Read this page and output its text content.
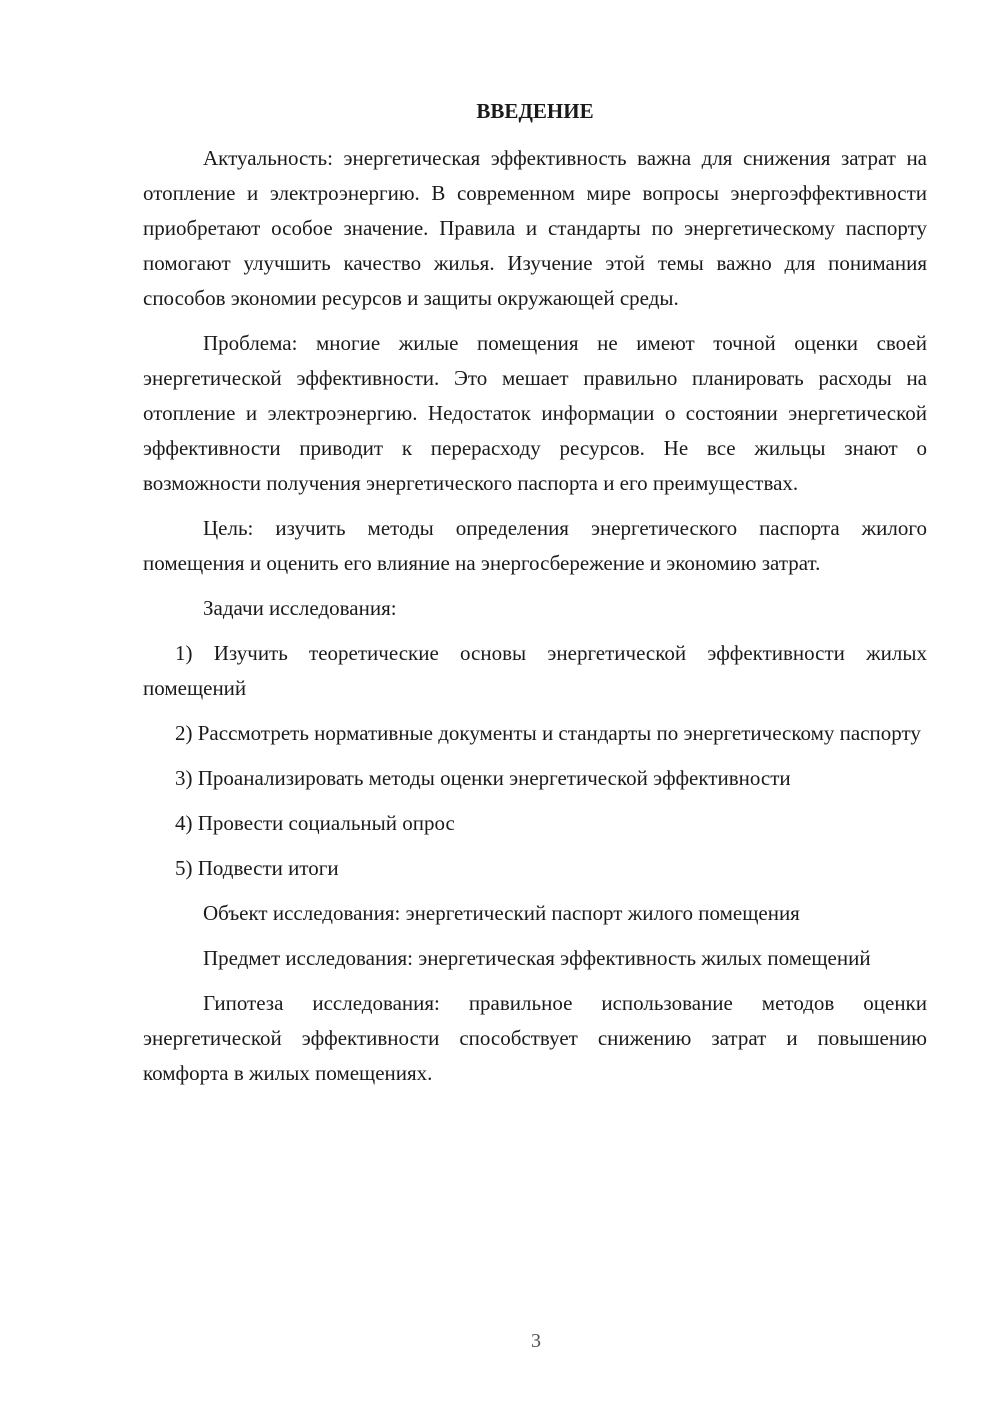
ВВЕДЕНИЕ

Актуальность: энергетическая эффективность важна для снижения затрат на отопление и электроэнергию. В современном мире вопросы энергоэффективности приобретают особое значение. Правила и стандарты по энергетическому паспорту помогают улучшить качество жилья. Изучение этой темы важно для понимания способов экономии ресурсов и защиты окружающей среды.

Проблема: многие жилые помещения не имеют точной оценки своей энергетической эффективности. Это мешает правильно планировать расходы на отопление и электроэнергию. Недостаток информации о состоянии энергетической эффективности приводит к перерасходу ресурсов. Не все жильцы знают о возможности получения энергетического паспорта и его преимуществах.

Цель: изучить методы определения энергетического паспорта жилого помещения и оценить его влияние на энергосбережение и экономию затрат.

Задачи исследования:

1) Изучить теоретические основы энергетической эффективности жилых помещений

2) Рассмотреть нормативные документы и стандарты по энергетическому паспорту

3) Проанализировать методы оценки энергетической эффективности

4) Провести социальный опрос

5) Подвести итоги

Объект исследования: энергетический паспорт жилого помещения

Предмет исследования: энергетическая эффективность жилых помещений

Гипотеза исследования: правильное использование методов оценки энергетической эффективности способствует снижению затрат и повышению комфорта в жилых помещениях.

3
